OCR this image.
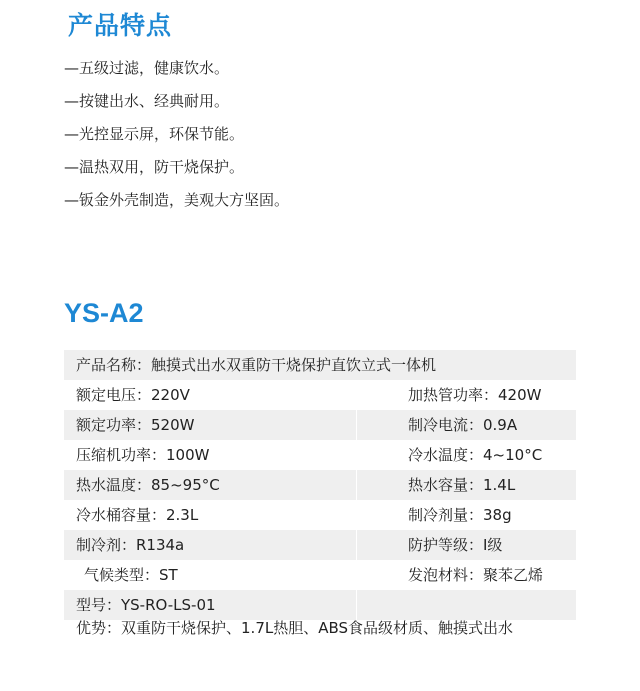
产品特点
—五级过滤，健康饮水。
—按键出水、经典耐用。
—光控显示屏，环保节能。
—温热双用，防干烧保护。
—钣金外壳制造，美观大方坚固。
YS-A2
产品名称：触摸式出水双重防干烧保护直饮立式一体机
额定电压：220V	加热管功率：420W
额定功率：520W	制冷电流：0.9A
压缩机功率：100W	冷水温度：4~10°C
热水温度：85~95°C	热水容量：1.4L
冷水桶容量：2.3L	制冷剂量：38g
制冷剂：R134a	防护等级：I级
气候类型：ST	发泡材料：聚苯乙烯
型号：YS-RO-LS-01
优势：双重防干烧保护、1.7L热胆、ABS食品级材质、触摸式出水
